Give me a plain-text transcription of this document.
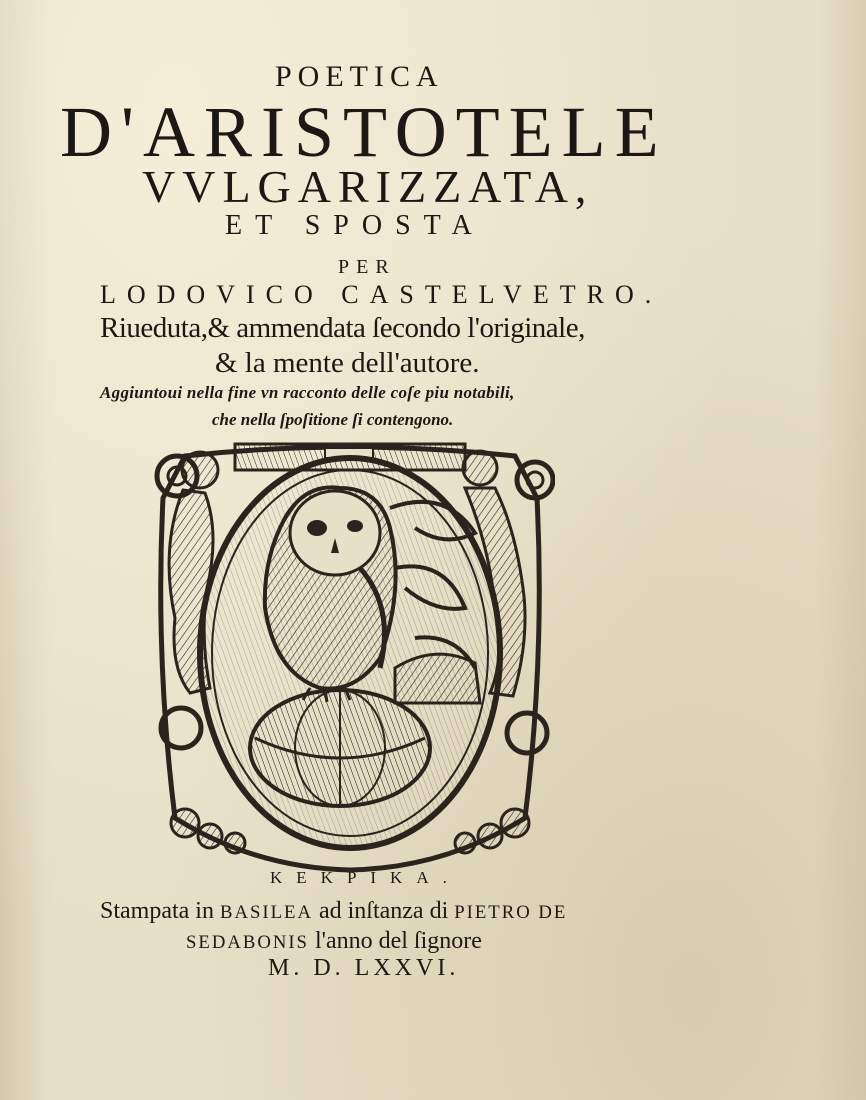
POETICA
D'ARISTOTELE
VVLGARIZZATA,
ET SPOSTA
PER
LODOVICO CASTELVETRO.
Riueduta,& ammendata ſecondo l'originale,
& la mente dell'autore.
Aggiuntoui nella fine vn racconto delle coſe piu notabili,
che nella ſpoſitione ſi contengono.
KEKPIKA.
Stampata in BASILEA ad inſtanza di PIETRO DE
SEDABONIS l'anno del ſignore
M. D. LXXVI.
